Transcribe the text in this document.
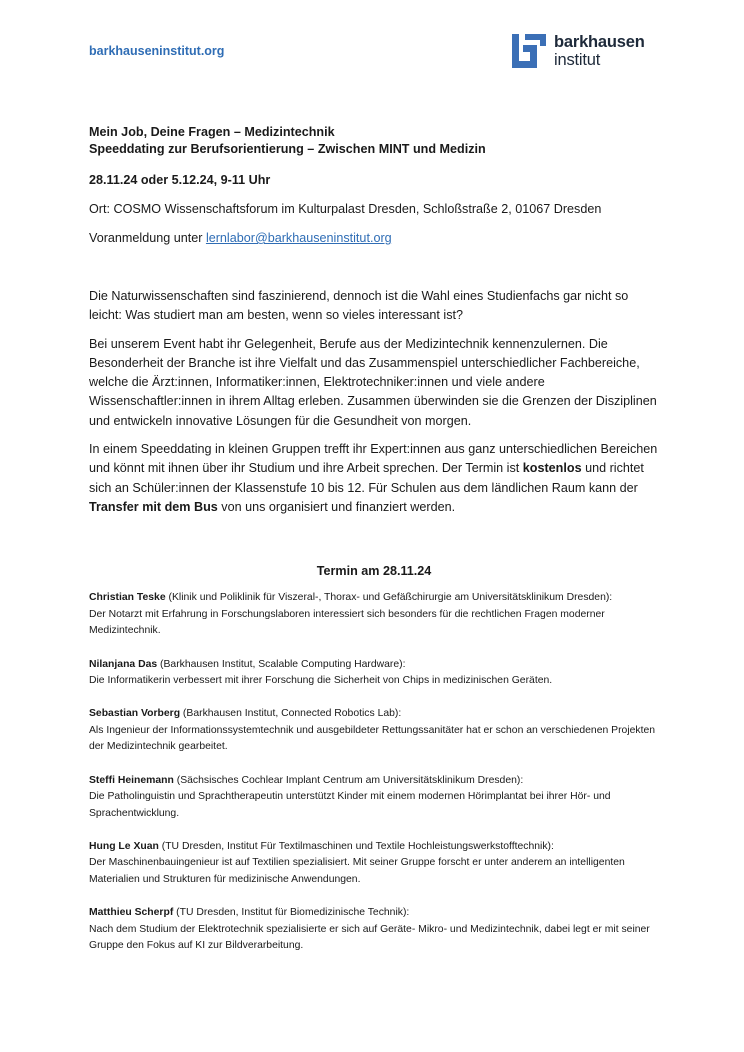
barkhauseninstitut.org	barkhausen
institut

Mein Job, Deine Fragen – Medizintechnik
Speeddating zur Berufsorientierung – Zwischen MINT und Medizin

28.11.24 oder 5.12.24, 9-11 Uhr

Ort: COSMO Wissenschaftsforum im Kulturpalast Dresden, Schloßstraße 2, 01067 Dresden

Voranmeldung unter lernlabor@barkhauseninstitut.org

Die Naturwissenschaften sind faszinierend, dennoch ist die Wahl eines Studienfachs gar nicht so leicht: Was studiert man am besten, wenn so vieles interessant ist?

Bei unserem Event habt ihr Gelegenheit, Berufe aus der Medizintechnik kennenzulernen. Die Besonderheit der Branche ist ihre Vielfalt und das Zusammenspiel unterschiedlicher Fachbereiche, welche die Ärzt:innen, Informatiker:innen, Elektrotechniker:innen und viele andere Wissenschaftler:innen in ihrem Alltag erleben. Zusammen überwinden sie die Grenzen der Disziplinen und entwickeln innovative Lösungen für die Gesundheit von morgen.

In einem Speeddating in kleinen Gruppen trefft ihr Expert:innen aus ganz unterschiedlichen Bereichen und könnt mit ihnen über ihr Studium und ihre Arbeit sprechen. Der Termin ist kostenlos und richtet sich an Schüler:innen der Klassenstufe 10 bis 12. Für Schulen aus dem ländlichen Raum kann der Transfer mit dem Bus von uns organisiert und finanziert werden.

Termin am 28.11.24

Christian Teske (Klinik und Poliklinik für Viszeral-, Thorax- und Gefäßchirurgie am Universitätsklinikum Dresden):
Der Notarzt mit Erfahrung in Forschungslaboren interessiert sich besonders für die rechtlichen Fragen moderner Medizintechnik.

Nilanjana Das (Barkhausen Institut, Scalable Computing Hardware):
Die Informatikerin verbessert mit ihrer Forschung die Sicherheit von Chips in medizinischen Geräten.

Sebastian Vorberg (Barkhausen Institut, Connected Robotics Lab):
Als Ingenieur der Informationssystemtechnik und ausgebildeter Rettungssanitäter hat er schon an verschiedenen Projekten der Medizintechnik gearbeitet.

Steffi Heinemann (Sächsisches Cochlear Implant Centrum am Universitätsklinikum Dresden):
Die Patholinguistin und Sprachtherapeutin unterstützt Kinder mit einem modernen Hörimplantat bei ihrer Hör- und Sprachentwicklung.

Hung Le Xuan (TU Dresden, Institut Für Textilmaschinen und Textile Hochleistungswerkstofftechnik):
Der Maschinenbauingenieur ist auf Textilien spezialisiert. Mit seiner Gruppe forscht er unter anderem an intelligenten Materialien und Strukturen für medizinische Anwendungen.

Matthieu Scherpf (TU Dresden, Institut für Biomedizinische Technik):
Nach dem Studium der Elektrotechnik spezialisierte er sich auf Geräte- Mikro- und Medizintechnik, dabei legt er mit seiner Gruppe den Fokus auf KI zur Bildverarbeitung.
